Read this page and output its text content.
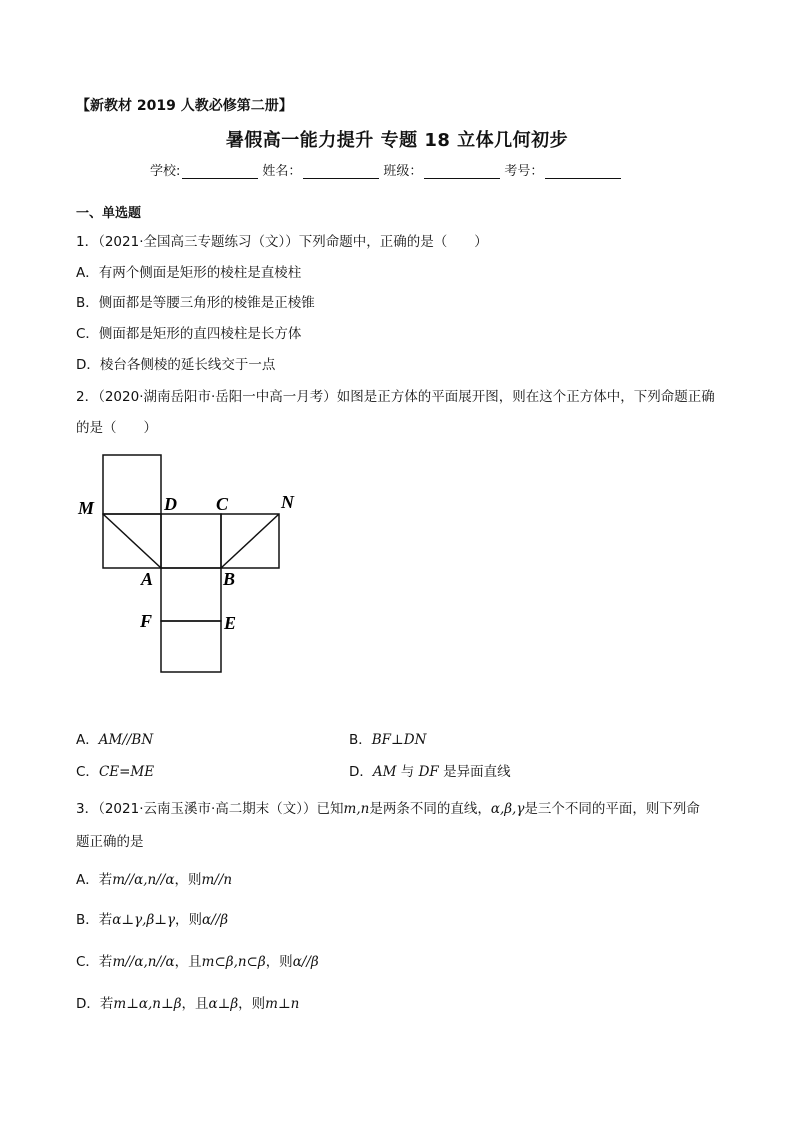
【新教材 2019 人教必修第二册】
暑假高一能力提升 专题 18 立体几何初步
学校:	姓名：	班级：	考号：
一、单选题
1．（2021·全国高三专题练习（文））下列命题中，正确的是（　　）
A．有两个侧面是矩形的棱柱是直棱柱
B．侧面都是等腰三角形的棱锥是正棱锥
C．侧面都是矩形的直四棱柱是长方体
D．棱台各侧棱的延长线交于一点
2．（2020·湖南岳阳市·岳阳一中高一月考）如图是正方体的平面展开图，则在这个正方体中，下列命题正确
的是（　　）
M	D C	N
A	B
F	E
A．AM//BN	B．BF⊥DN
C．CE=ME	D．AM 与 DF 是异面直线
3．（2021·云南玉溪市·高二期末（文））已知m,n是两条不同的直线，α,β,γ是三个不同的平面，则下列命
题正确的是
A．若m//α,n//α，则m//n
B．若α⊥γ,β⊥γ，则α//β
C．若m//α,n//α，且m⊂β,n⊂β，则α//β
D．若m⊥α,n⊥β，且α⊥β，则m⊥n
